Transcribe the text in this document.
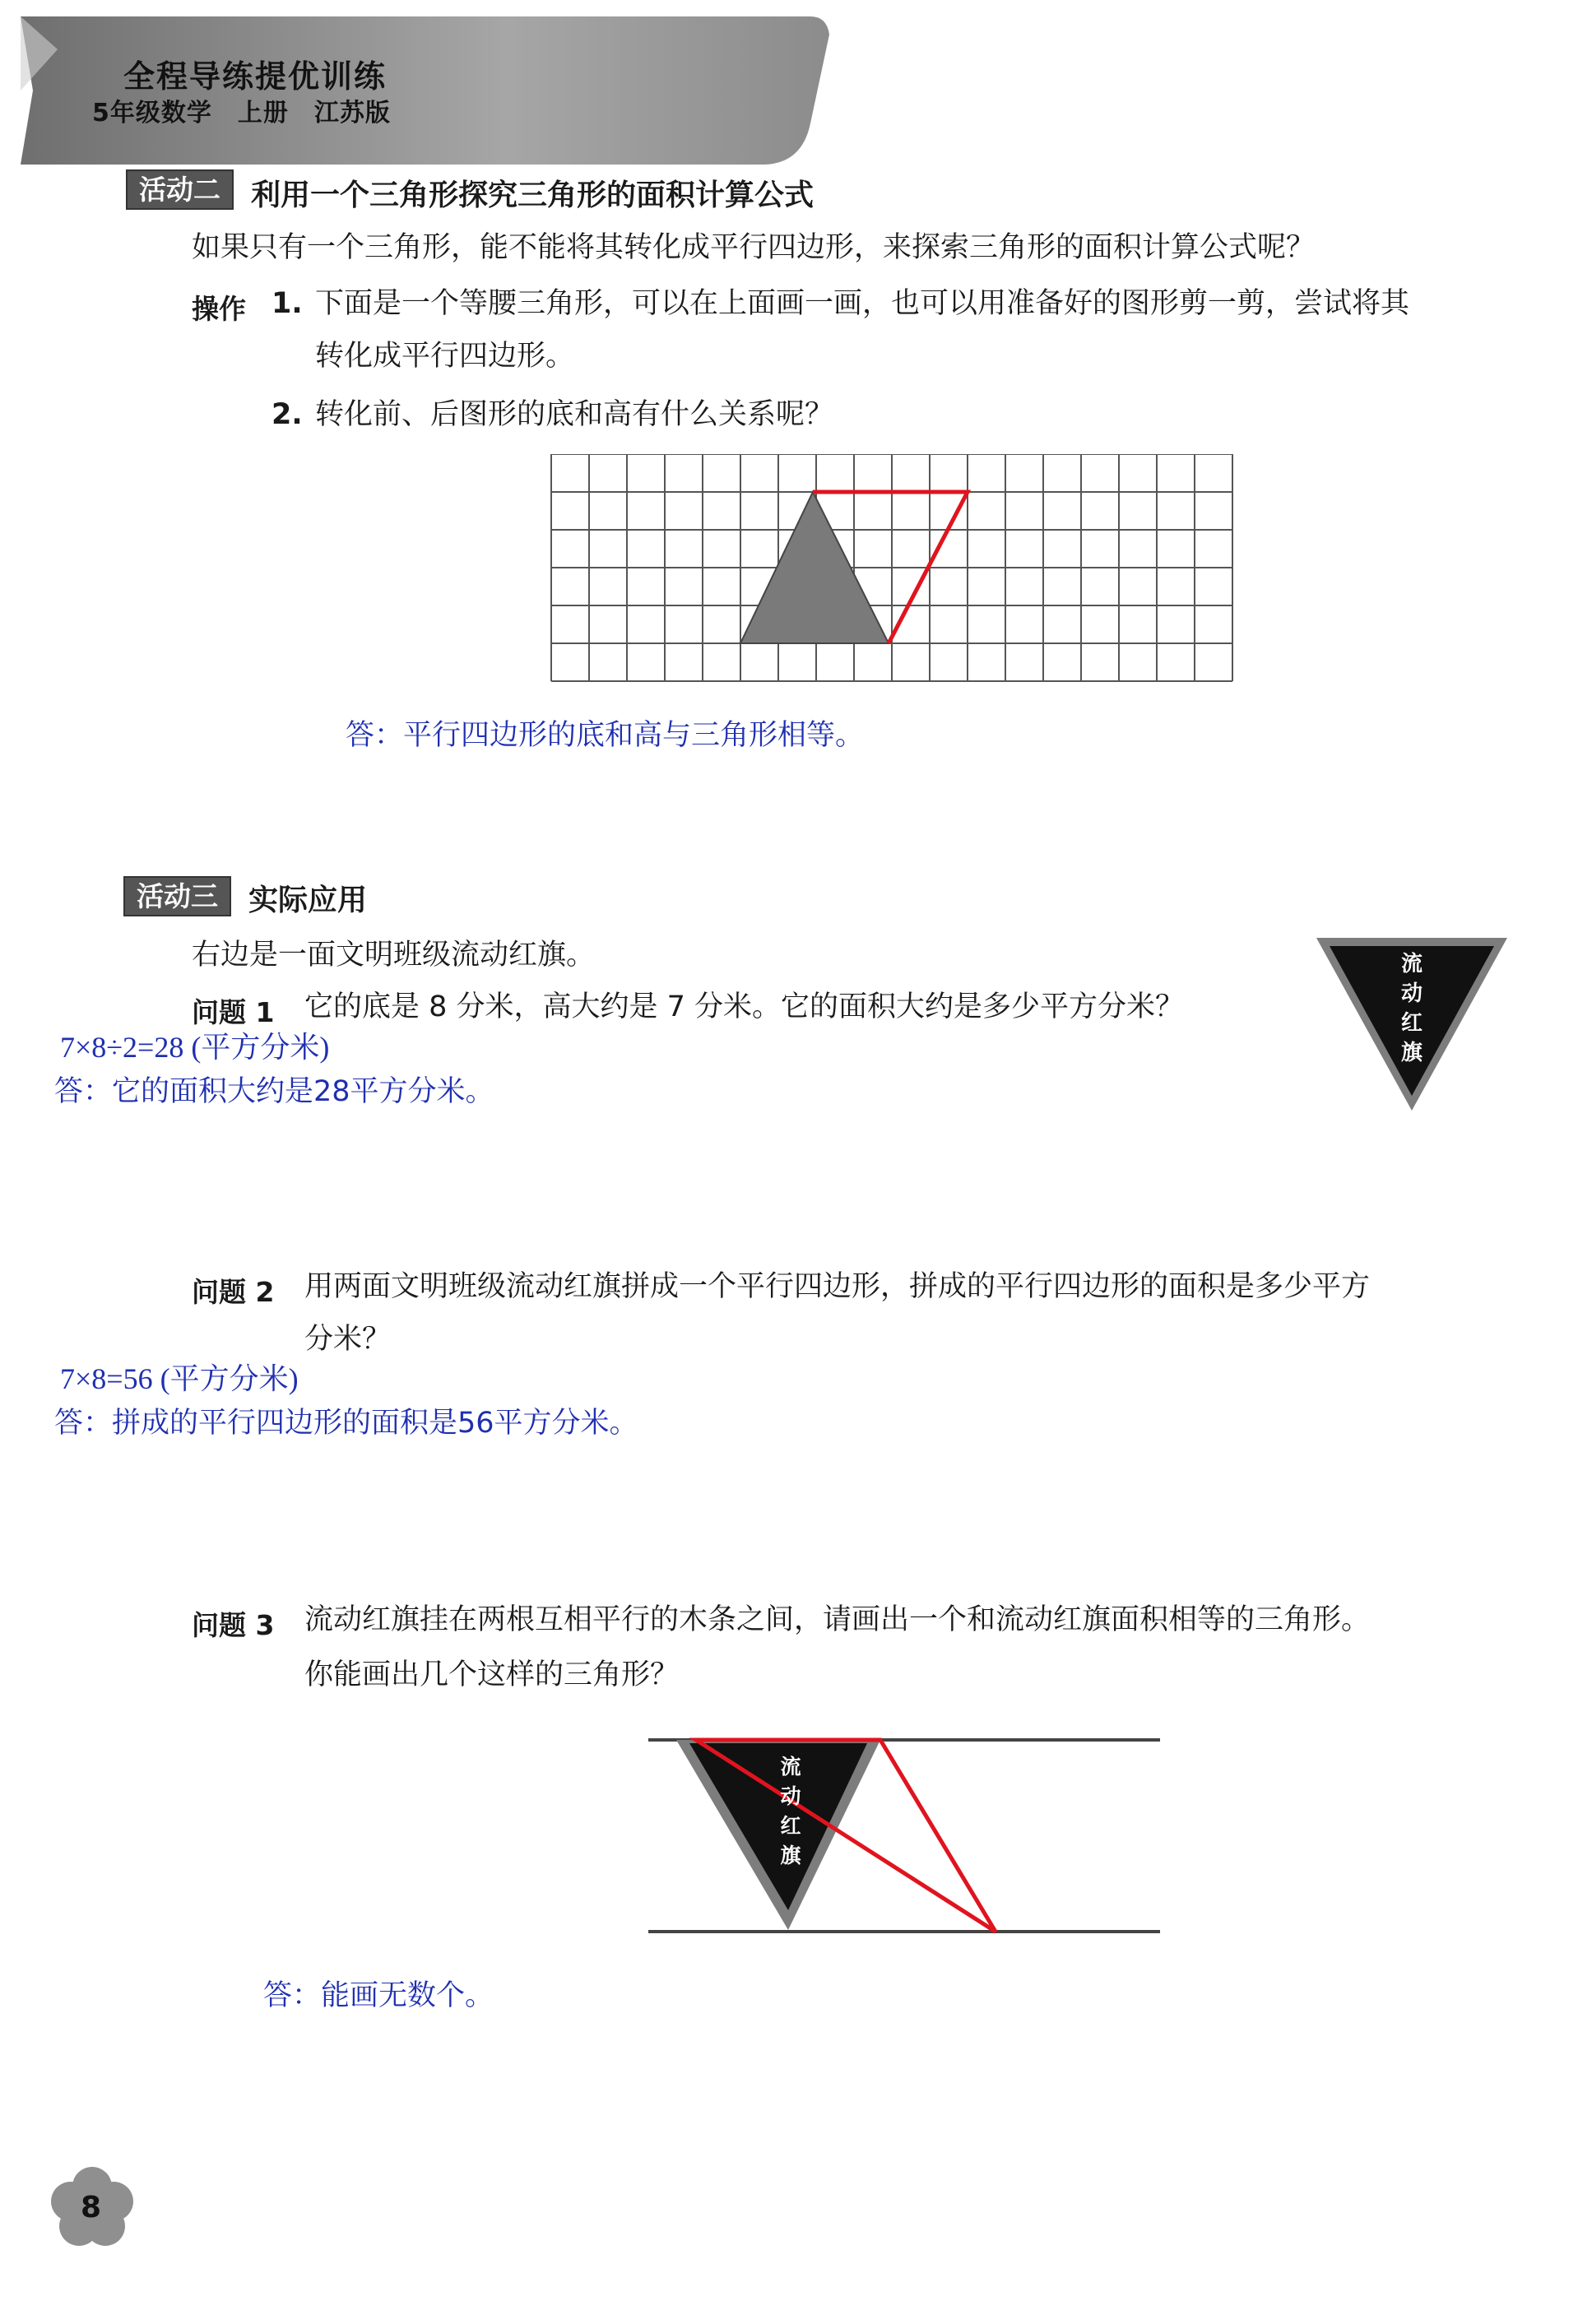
全程导练提优训练
5年级数学　上册　江苏版
活动二	利用一个三角形探究三角形的面积计算公式
如果只有一个三角形，能不能将其转化成平行四边形，来探索三角形的面积计算公式呢？
操作 1. 下面是一个等腰三角形，可以在上面画一画，也可以用准备好的图形剪一剪，尝试将其
转化成平行四边形。
2. 转化前、后图形的底和高有什么关系呢？
答：平行四边形的底和高与三角形相等。
活动三	实际应用
右边是一面文明班级流动红旗。	流
动
红
旗
问题 1 它的底是 8 分米，高大约是 7 分米。它的面积大约是多少平方分米？
7×8÷2=28 (平方分米)
答：它的面积大约是28平方分米。
问题 2 用两面文明班级流动红旗拼成一个平行四边形，拼成的平行四边形的面积是多少平方
分米？
7×8=56 (平方分米)
答：拼成的平行四边形的面积是56平方分米。
问题 3 流动红旗挂在两根互相平行的木条之间，请画出一个和流动红旗面积相等的三角形。
你能画出几个这样的三角形？
流
动
红
旗
答：能画无数个。
8
